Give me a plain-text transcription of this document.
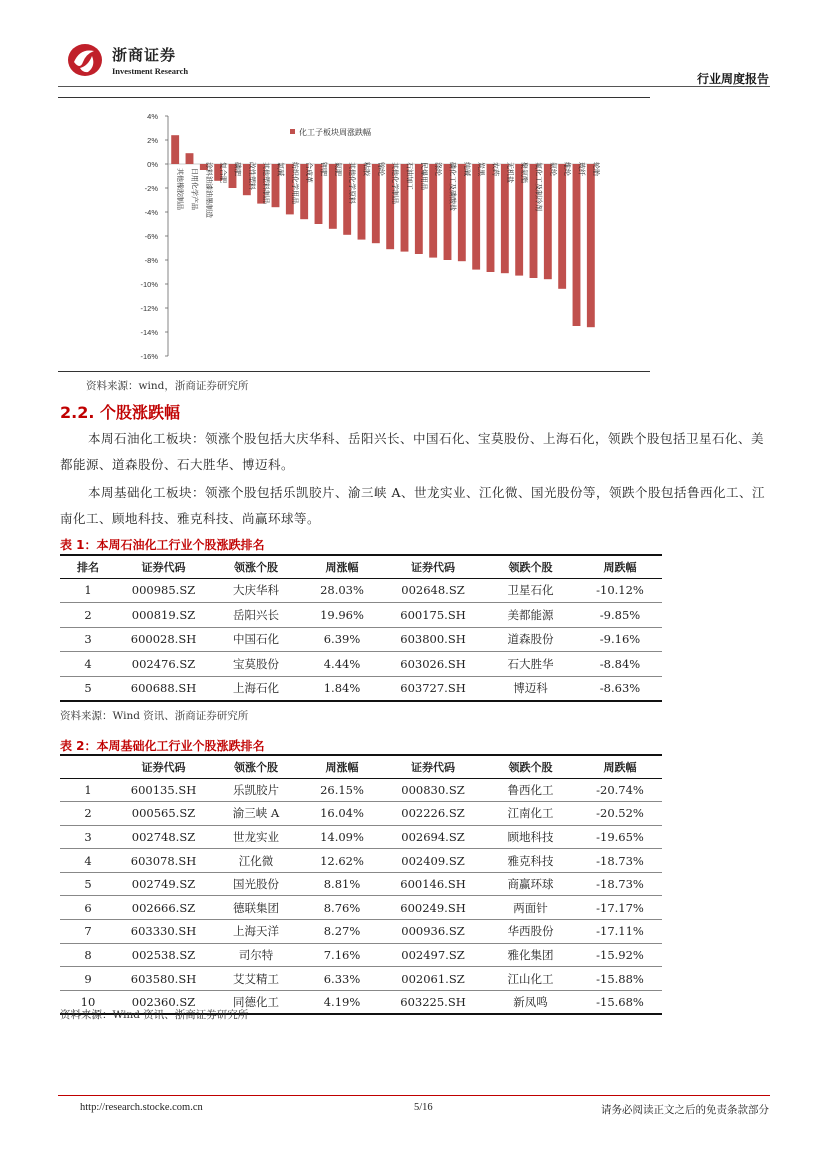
浙商证券
Investment Research
行业周度报告
4%
2%
0%
-2%
-4%
-6%
-8%
-10%
-12%
-14%
-16%
其他橡胶制品 日用化学产品 涂料油漆油墨制造 复合肥 磷肥 改性塑料 其他塑料制品 氯碱 纺织化学用品 合成革 钾肥 氮肥 其他化学原料 粘胶 锦纶 其他化学制品 石油加工 民爆用品 涤纶 磷化工及磷酸盐 纯碱 炭黑 农药 无机盐 聚氨酯 氟化工及制冷剂 氨纶 维纶 玻纤 轮胎
化工子板块周涨跌幅
资料来源：wind，浙商证券研究所
2.2. 个股涨跌幅
本周石油化工板块：领涨个股包括大庆华科、岳阳兴长、中国石化、宝莫股份、上海石化，领跌个股包括卫星石化、美都能源、道森股份、石大胜华、博迈科。
本周基础化工板块：领涨个股包括乐凯胶片、渝三峡 A、世龙实业、江化微、国光股份等，领跌个股包括鲁西化工、江南化工、顾地科技、雅克科技、尚赢环球等。
表 1：本周石油化工行业个股涨跌排名
排名	证券代码	领涨个股	周涨幅	证券代码	领跌个股	周跌幅
1	000985.SZ	大庆华科	28.03%	002648.SZ	卫星石化	-10.12%
2	000819.SZ	岳阳兴长	19.96%	600175.SH	美都能源	-9.85%
3	600028.SH	中国石化	6.39%	603800.SH	道森股份	-9.16%
4	002476.SZ	宝莫股份	4.44%	603026.SH	石大胜华	-8.84%
5	600688.SH	上海石化	1.84%	603727.SH	博迈科	-8.63%
资料来源：Wind 资讯、浙商证券研究所
表 2：本周基础化工行业个股涨跌排名
	证券代码	领涨个股	周涨幅	证券代码	领跌个股	周跌幅
1	600135.SH	乐凯胶片	26.15%	000830.SZ	鲁西化工	-20.74%
2	000565.SZ	渝三峡 A	16.04%	002226.SZ	江南化工	-20.52%
3	002748.SZ	世龙实业	14.09%	002694.SZ	顾地科技	-19.65%
4	603078.SH	江化微	12.62%	002409.SZ	雅克科技	-18.73%
5	002749.SZ	国光股份	8.81%	600146.SH	商赢环球	-18.73%
6	002666.SZ	德联集团	8.76%	600249.SH	两面针	-17.17%
7	603330.SH	上海天洋	8.27%	000936.SZ	华西股份	-17.11%
8	002538.SZ	司尔特	7.16%	002497.SZ	雅化集团	-15.92%
9	603580.SH	艾艾精工	6.33%	002061.SZ	江山化工	-15.88%
10	002360.SZ	同德化工	4.19%	603225.SH	新凤鸣	-15.68%
资料来源：Wind 资讯、浙商证券研究所
http://research.stocke.com.cn	5/16	请务必阅读正文之后的免责条款部分
